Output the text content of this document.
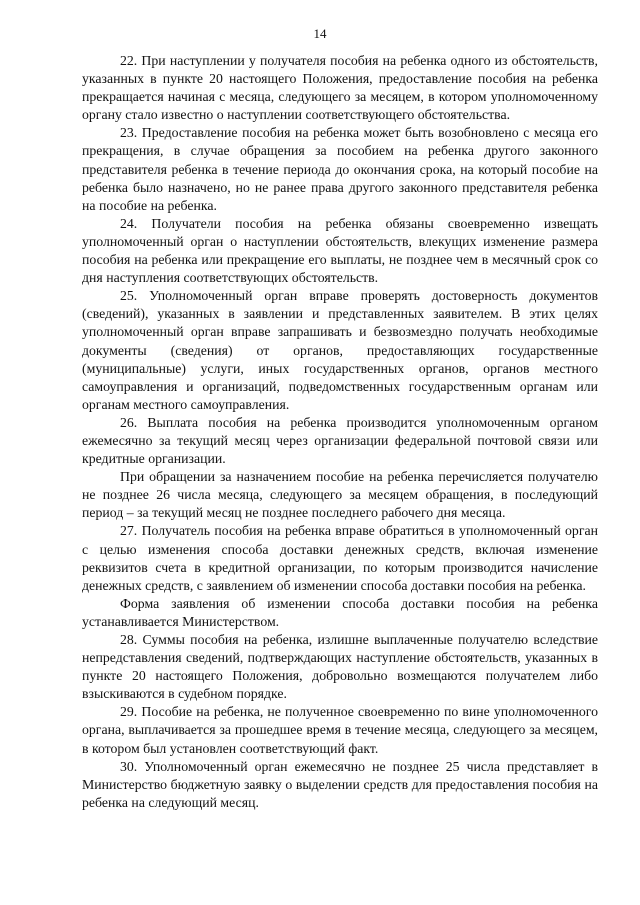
14

22. При наступлении у получателя пособия на ребенка одного из обстоятельств, указанных в пункте 20 настоящего Положения, предоставление пособия на ребенка прекращается начиная с месяца, следующего за месяцем, в котором уполномоченному органу стало известно о наступлении соответствующего обстоятельства.

23. Предоставление пособия на ребенка может быть возобновлено с месяца его прекращения, в случае обращения за пособием на ребенка другого законного представителя ребенка в течение периода до окончания срока, на который пособие на ребенка было назначено, но не ранее права другого законного представителя ребенка на пособие на ребенка.

24. Получатели пособия на ребенка обязаны своевременно извещать уполномоченный орган о наступлении обстоятельств, влекущих изменение размера пособия на ребенка или прекращение его выплаты, не позднее чем в месячный срок со дня наступления соответствующих обстоятельств.

25. Уполномоченный орган вправе проверять достоверность документов (сведений), указанных в заявлении и представленных заявителем. В этих целях уполномоченный орган вправе запрашивать и безвозмездно получать необходимые документы (сведения) от органов, предоставляющих государственные (муниципальные) услуги, иных государственных органов, органов местного самоуправления и организаций, подведомственных государственным органам или органам местного самоуправления.

26. Выплата пособия на ребенка производится уполномоченным органом ежемесячно за текущий месяц через организации федеральной почтовой связи или кредитные организации.

При обращении за назначением пособие на ребенка перечисляется получателю не позднее 26 числа месяца, следующего за месяцем обращения, в последующий период – за текущий месяц не позднее последнего рабочего дня месяца.

27. Получатель пособия на ребенка вправе обратиться в уполномоченный орган с целью изменения способа доставки денежных средств, включая изменение реквизитов счета в кредитной организации, по которым производится начисление денежных средств, с заявлением об изменении способа доставки пособия на ребенка.

Форма заявления об изменении способа доставки пособия на ребенка устанавливается Министерством.

28. Суммы пособия на ребенка, излишне выплаченные получателю вследствие непредставления сведений, подтверждающих наступление обстоятельств, указанных в пункте 20 настоящего Положения, добровольно возмещаются получателем либо взыскиваются в судебном порядке.

29. Пособие на ребенка, не полученное своевременно по вине уполномоченного органа, выплачивается за прошедшее время в течение месяца, следующего за месяцем, в котором был установлен соответствующий факт.

30. Уполномоченный орган ежемесячно не позднее 25 числа представляет в Министерство бюджетную заявку о выделении средств для предоставления пособия на ребенка на следующий месяц.
